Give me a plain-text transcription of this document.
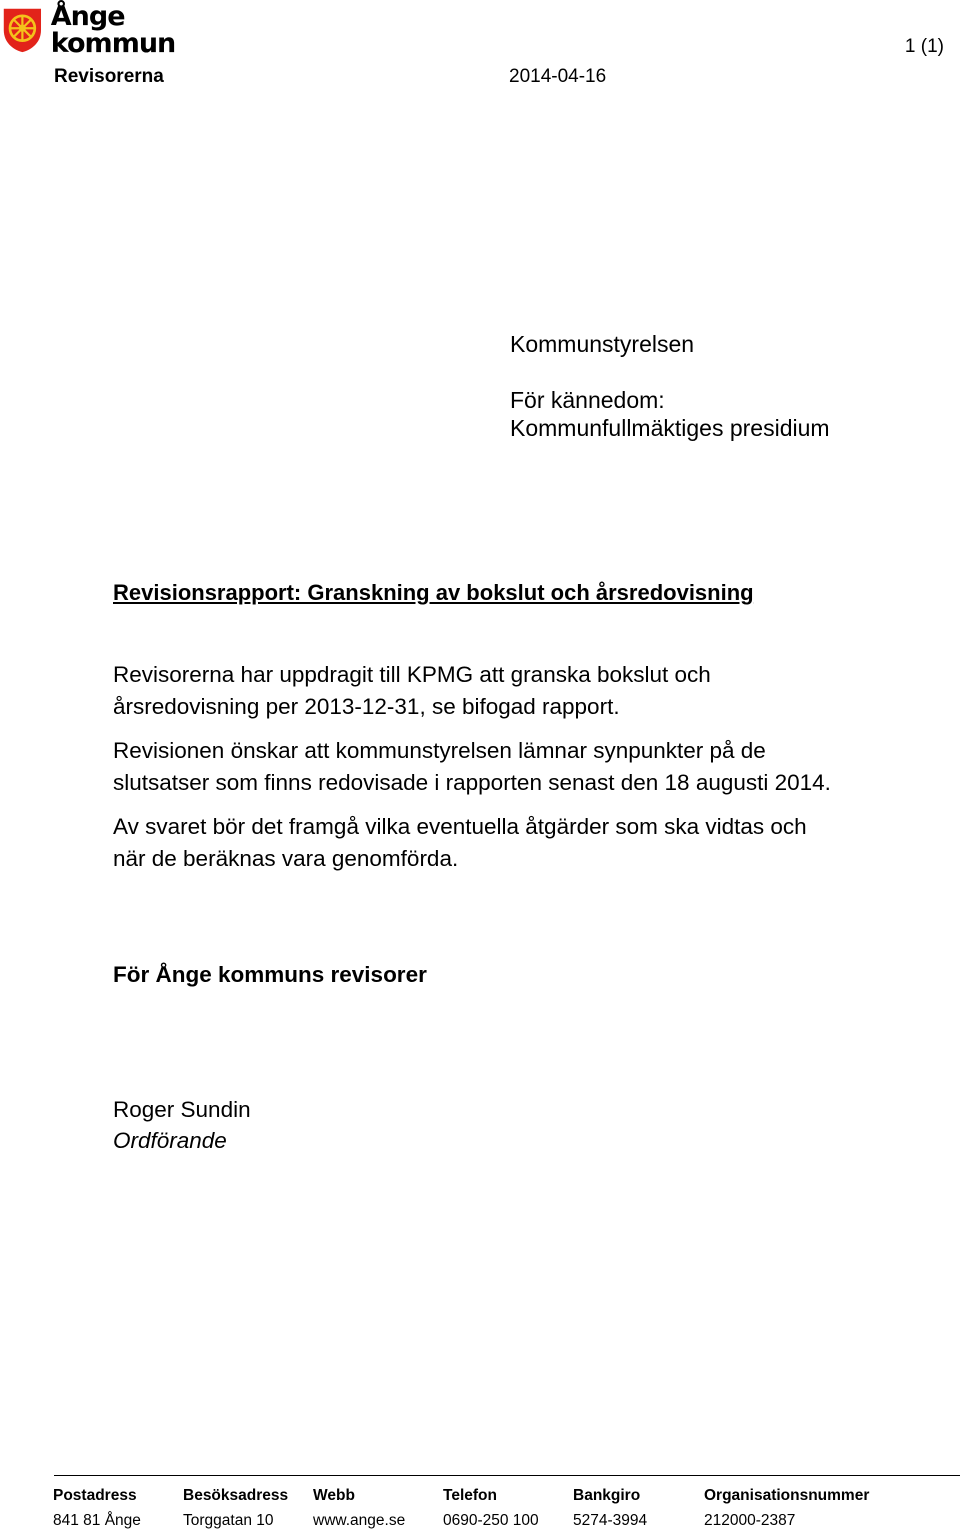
Ånge kommun	1 (1)
Revisorerna	2014-04-16

Kommunstyrelsen

För kännedom:

Kommunfullmäktiges presidium

Revisionsrapport: Granskning av bokslut och årsredovisning

Revisorerna har uppdragit till KPMG att granska bokslut och årsredovisning per 2013-12-31, se bifogad rapport.

Revisionen önskar att kommunstyrelsen lämnar synpunkter på de slutsatser som finns redovisade i rapporten senast den 18 augusti 2014.

Av svaret bör det framgå vilka eventuella åtgärder som ska vidtas och när de beräknas vara genomförda.

För Ånge kommuns revisorer
Roger Sundin
Ordförande
Postadress
841 81 Ånge
Besöksadress
Torggatan 10
Webb
www.ange.se
Telefon
0690-250 100
Bankgiro
5274-3994
Organisationsnummer
212000-2387
